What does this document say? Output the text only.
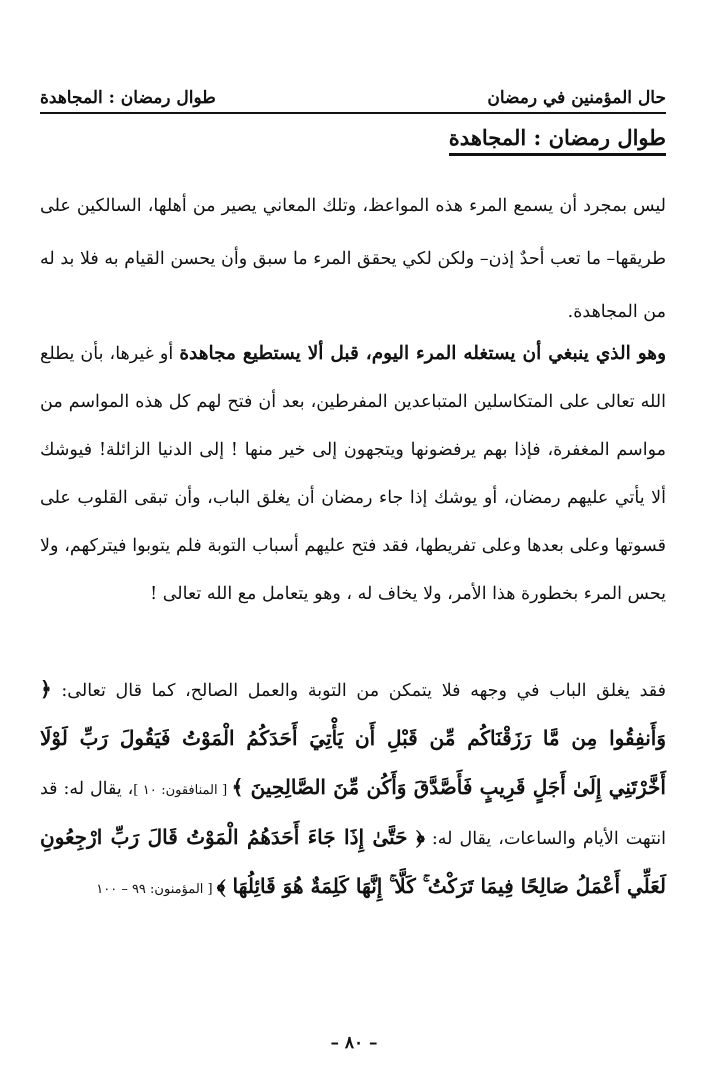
حال المؤمنين في رمضان
طوال رمضان : المجاهدة
طوال رمضان : المجاهدة

ليس بمجرد أن يسمع المرء هذه المواعظ، وتلك المعاني يصير من أهلها، السالكين على طريقها– ما تعب أحدٌ إذن– ولكن لكي يحقق المرء ما سبق وأن يحسن القيام به فلا بد له من المجاهدة.

وهو الذي ينبغي أن يستغله المرء اليوم، قبل ألا يستطيع مجاهدة أو غيرها، بأن يطلع الله تعالى على المتكاسلين المتباعدين المفرطين، بعد أن فتح لهم كل هذه المواسم من مواسم المغفرة، فإذا بهم يرفضونها ويتجهون إلى خير منها ! إلى الدنيا الزائلة! فيوشك ألا يأتي عليهم رمضان، أو يوشك إذا جاء رمضان أن يغلق الباب، وأن تبقى القلوب على قسوتها وعلى بعدها وعلى تفريطها، فقد فتح عليهم أسباب التوبة فلم يتوبوا فيتركهم، ولا يحس المرء بخطورة هذا الأمر، ولا يخاف له ، وهو يتعامل مع الله تعالى !

فقد يغلق الباب في وجهه فلا يتمكن من التوبة والعمل الصالح، كما قال تعالى: ﴿ وَأَنفِقُوا مِن مَّا رَزَقْنَاكُم مِّن قَبْلِ أَن يَأْتِيَ أَحَدَكُمُ الْمَوْتُ فَيَقُولَ رَبِّ لَوْلَا أَخَّرْتَنِي إِلَىٰ أَجَلٍ قَرِيبٍ فَأَصَّدَّقَ وَأَكُن مِّنَ الصَّالِحِينَ ﴾ [ المنافقون: ١٠ ]، يقال له: قد انتهت الأيام والساعات، يقال له: ﴿ حَتَّىٰ إِذَا جَاءَ أَحَدَهُمُ الْمَوْتُ قَالَ رَبِّ ارْجِعُونِ لَعَلِّي أَعْمَلُ صَالِحًا فِيمَا تَرَكْتُ ۚ كَلَّا ۚ إِنَّهَا كَلِمَةٌ هُوَ قَائِلُهَا ﴾ [ المؤمنون: ٩٩ – ١٠٠

– ٨٠ –
